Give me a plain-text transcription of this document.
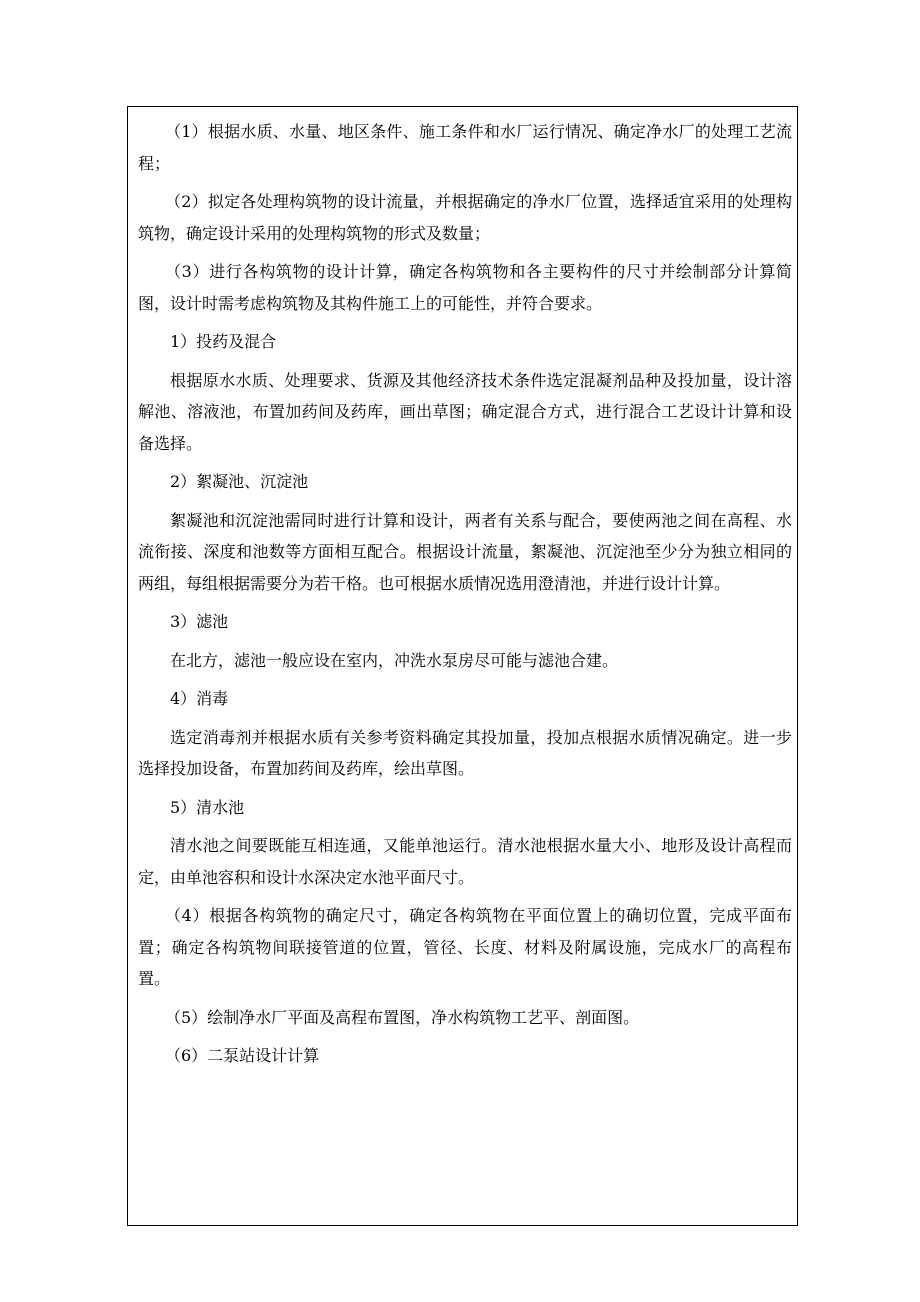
（1）根据水质、水量、地区条件、施工条件和水厂运行情况、确定净水厂的处理工艺流程；

（2）拟定各处理构筑物的设计流量，并根据确定的净水厂位置，选择适宜采用的处理构筑物，确定设计采用的处理构筑物的形式及数量；

（3）进行各构筑物的设计计算，确定各构筑物和各主要构件的尺寸并绘制部分计算简图，设计时需考虑构筑物及其构件施工上的可能性，并符合要求。

1）投药及混合

根据原水水质、处理要求、货源及其他经济技术条件选定混凝剂品种及投加量，设计溶解池、溶液池，布置加药间及药库，画出草图；确定混合方式，进行混合工艺设计计算和设备选择。

2）絮凝池、沉淀池

絮凝池和沉淀池需同时进行计算和设计，两者有关系与配合，要使两池之间在高程、水流衔接、深度和池数等方面相互配合。根据设计流量，絮凝池、沉淀池至少分为独立相同的两组，每组根据需要分为若干格。也可根据水质情况选用澄清池，并进行设计计算。

3）滤池

在北方，滤池一般应设在室内，冲洗水泵房尽可能与滤池合建。

4）消毒

选定消毒剂并根据水质有关参考资料确定其投加量，投加点根据水质情况确定。进一步选择投加设备，布置加药间及药库，绘出草图。

5）清水池

清水池之间要既能互相连通，又能单池运行。清水池根据水量大小、地形及设计高程而定，由单池容积和设计水深决定水池平面尺寸。

（4）根据各构筑物的确定尺寸，确定各构筑物在平面位置上的确切位置，完成平面布置；确定各构筑物间联接管道的位置，管径、长度、材料及附属设施，完成水厂的高程布置。

（5）绘制净水厂平面及高程布置图，净水构筑物工艺平、剖面图。

（6）二泵站设计计算
